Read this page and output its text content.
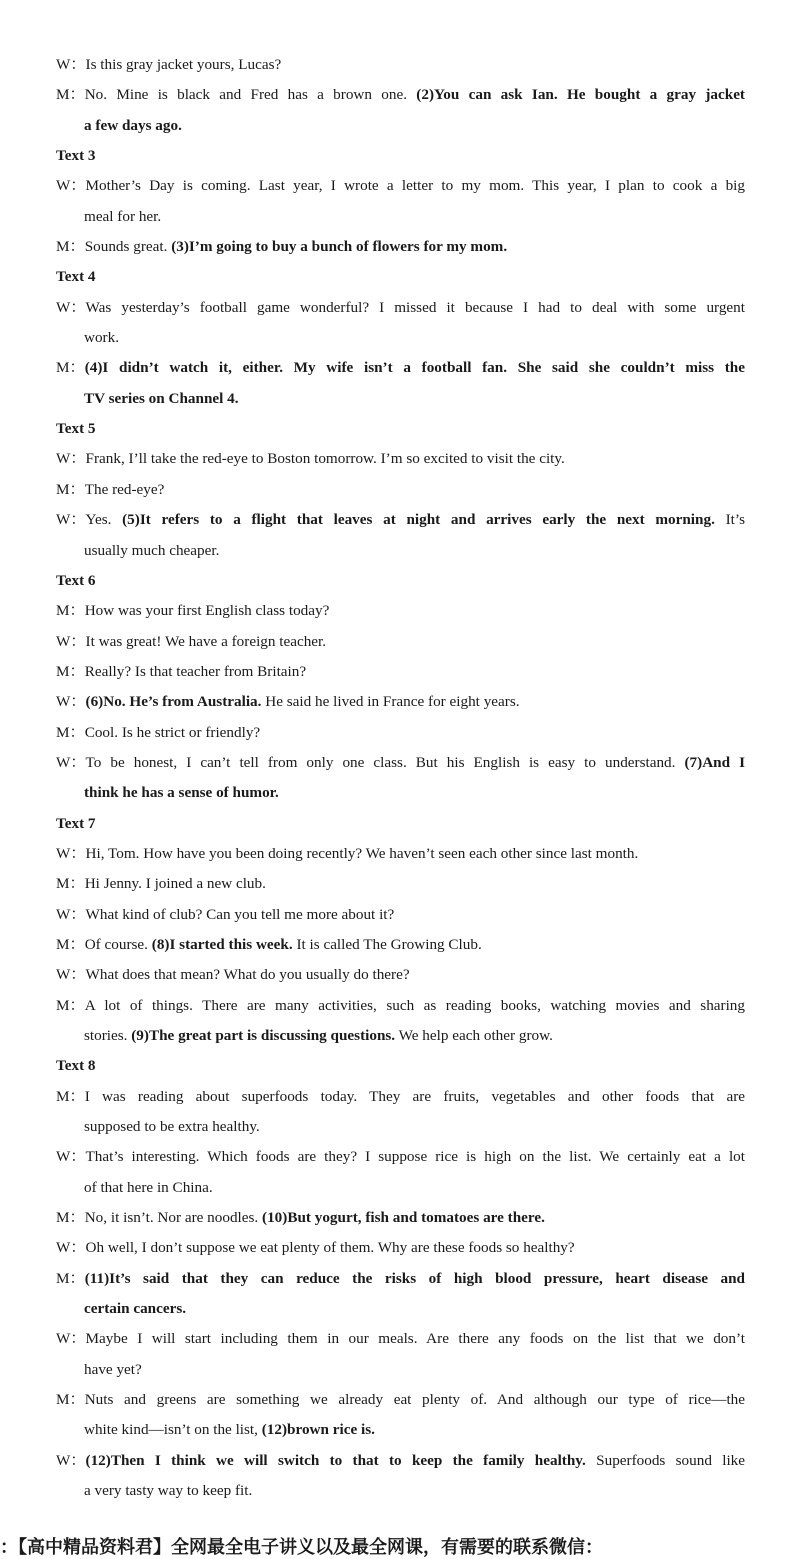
W：Is this gray jacket yours, Lucas?
M：No. Mine is black and Fred has a brown one. (2)You can ask Ian. He bought a gray jacket
a few days ago.
Text 3
W：Mother’s Day is coming. Last year, I wrote a letter to my mom. This year, I plan to cook a big
meal for her.
M：Sounds great. (3)I’m going to buy a bunch of flowers for my mom.
Text 4
W：Was yesterday’s football game wonderful? I missed it because I had to deal with some urgent
work.
M：(4)I didn’t watch it, either. My wife isn’t a football fan. She said she couldn’t miss the
TV series on Channel 4.
Text 5
W：Frank, I’ll take the red-eye to Boston tomorrow. I’m so excited to visit the city.
M：The red-eye?
W：Yes. (5)It refers to a flight that leaves at night and arrives early the next morning. It’s
usually much cheaper.
Text 6
M：How was your first English class today?
W：It was great! We have a foreign teacher.
M：Really? Is that teacher from Britain?
W：(6)No. He’s from Australia. He said he lived in France for eight years.
M：Cool. Is he strict or friendly?
W：To be honest, I can’t tell from only one class. But his English is easy to understand. (7)And I
think he has a sense of humor.
Text 7
W：Hi, Tom. How have you been doing recently? We haven’t seen each other since last month.
M：Hi Jenny. I joined a new club.
W：What kind of club? Can you tell me more about it?
M：Of course. (8)I started this week. It is called The Growing Club.
W：What does that mean? What do you usually do there?
M：A lot of things. There are many activities, such as reading books, watching movies and sharing
stories. (9)The great part is discussing questions. We help each other grow.
Text 8
M：I was reading about superfoods today. They are fruits, vegetables and other foods that are
supposed to be extra healthy.
W：That’s interesting. Which foods are they? I suppose rice is high on the list. We certainly eat a lot
of that here in China.
M：No, it isn’t. Nor are noodles. (10)But yogurt, fish and tomatoes are there.
W：Oh well, I don’t suppose we eat plenty of them. Why are these foods so healthy?
M：(11)It’s said that they can reduce the risks of high blood pressure, heart disease and
certain cancers.
W：Maybe I will start including them in our meals. Are there any foods on the list that we don’t
have yet?
M：Nuts and greens are something we already eat plenty of. And although our type of rice—the
white kind—isn’t on the list, (12)brown rice is.
W：(12)Then I think we will switch to that to keep the family healthy. Superfoods sound like
a very tasty way to keep fit.
：【高中精品资料君】全网最全电子讲义以及最全网课，有需要的联系微信：
